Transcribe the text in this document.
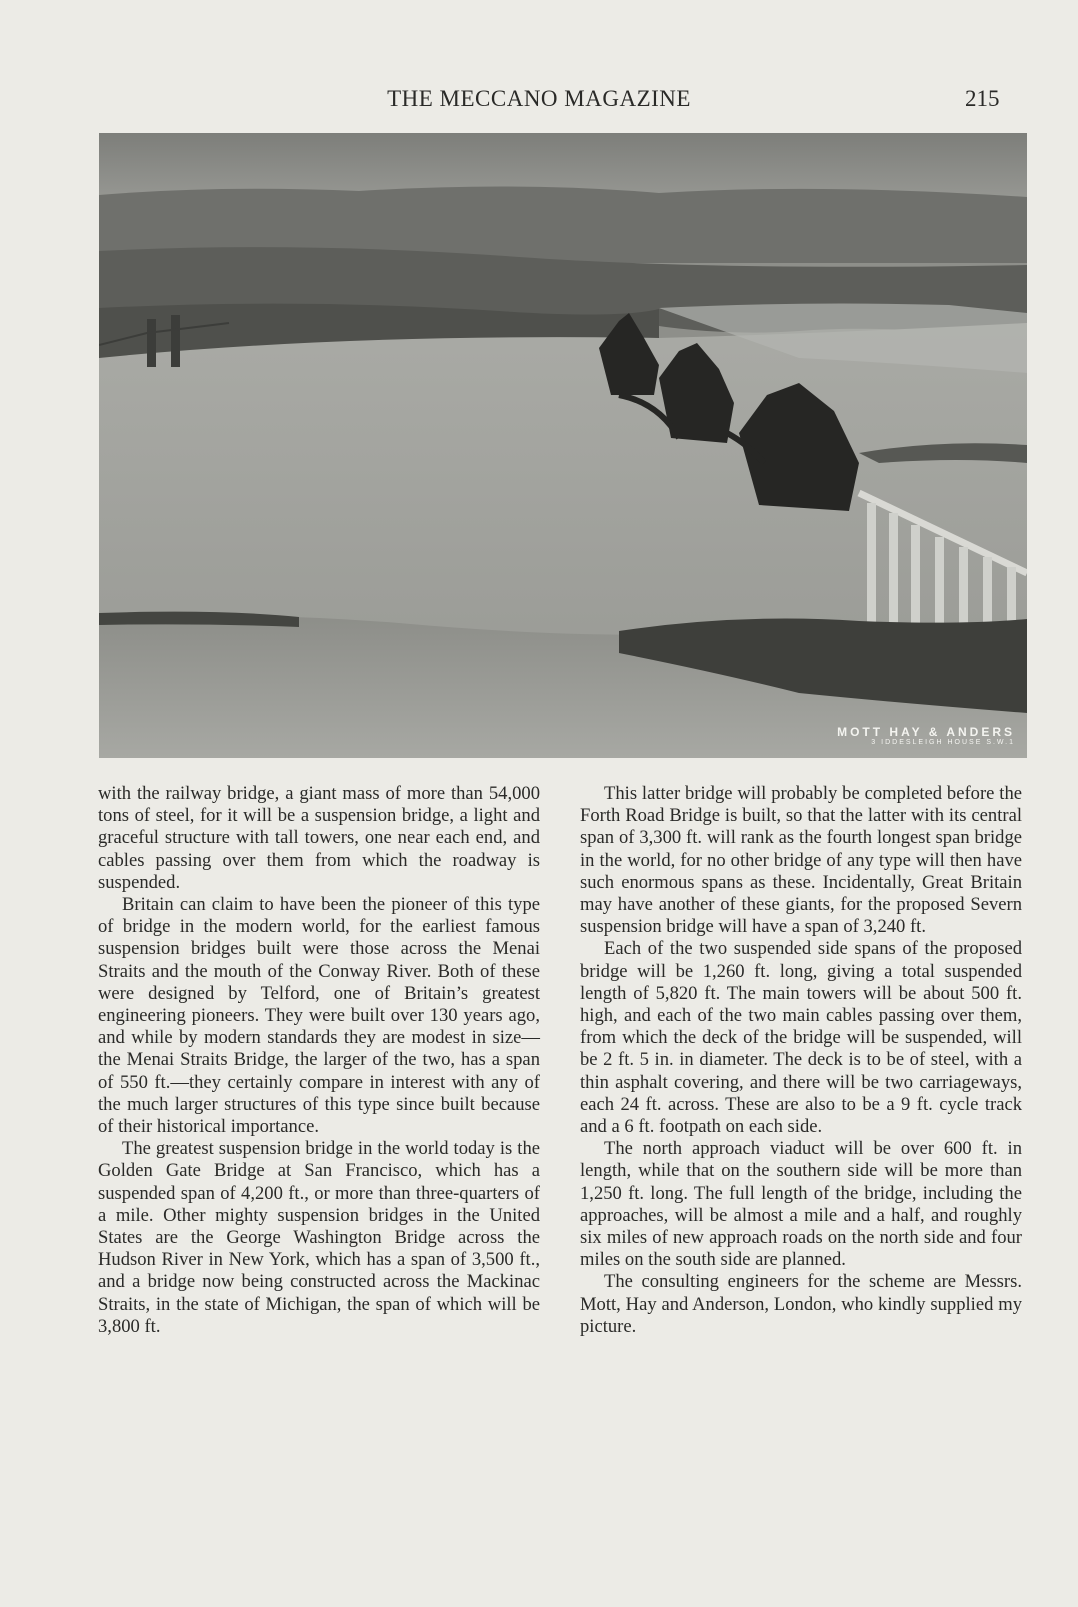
THE MECCANO MAGAZINE	215
MOTT HAY & ANDERS
3 IDDESLEIGH HOUSE S.W.1

with the railway bridge, a giant mass of more than 54,000 tons of steel, for it will be a suspension bridge, a light and graceful structure with tall towers, one near each end, and cables passing over them from which the roadway is suspended.

Britain can claim to have been the pioneer of this type of bridge in the modern world, for the earliest famous suspension bridges built were those across the Menai Straits and the mouth of the Conway River. Both of these were designed by Telford, one of Britain’s greatest engineering pioneers. They were built over 130 years ago, and while by modern standards they are modest in size—the Menai Straits Bridge, the larger of the two, has a span of 550 ft.—they certainly compare in interest with any of the much larger structures of this type since built because of their historical importance.

The greatest suspension bridge in the world today is the Golden Gate Bridge at San Francisco, which has a suspended span of 4,200 ft., or more than three-quarters of a mile. Other mighty suspension bridges in the United States are the George Washington Bridge across the Hudson River in New York, which has a span of 3,500 ft., and a bridge now being constructed across the Mackinac Straits, in the state of Michigan, the span of which will be 3,800 ft.

This latter bridge will probably be completed before the Forth Road Bridge is built, so that the latter with its central span of 3,300 ft. will rank as the fourth longest span bridge in the world, for no other bridge of any type will then have such enormous spans as these. Incidentally, Great Britain may have another of these giants, for the proposed Severn suspension bridge will have a span of 3,240 ft.

Each of the two suspended side spans of the proposed bridge will be 1,260 ft. long, giving a total suspended length of 5,820 ft. The main towers will be about 500 ft. high, and each of the two main cables passing over them, from which the deck of the bridge will be suspended, will be 2 ft. 5 in. in diameter. The deck is to be of steel, with a thin asphalt covering, and there will be two carriageways, each 24 ft. across. These are also to be a 9 ft. cycle track and a 6 ft. footpath on each side.

The north approach viaduct will be over 600 ft. in length, while that on the southern side will be more than 1,250 ft. long. The full length of the bridge, including the approaches, will be almost a mile and a half, and roughly six miles of new approach roads on the north side and four miles on the south side are planned.

The consulting engineers for the scheme are Messrs. Mott, Hay and Anderson, London, who kindly supplied my picture.
